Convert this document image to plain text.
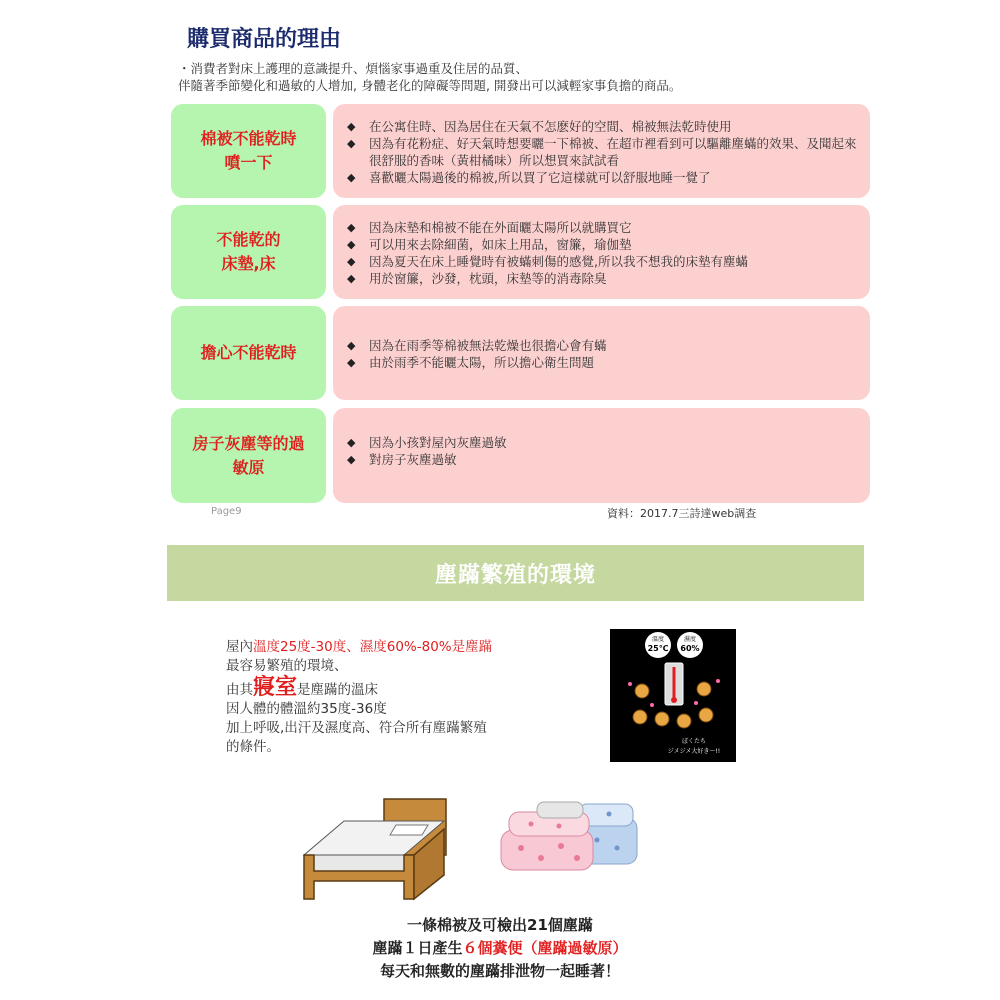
購買商品的理由
・消費者對床上護理的意識提升、煩惱家事過重及住居的品質、
伴隨著季節變化和過敏的人增加, 身體老化的障礙等問題, 開發出可以減輕家事負擔的商品。
棉被不能乾時
噴一下
◆	在公寓住時、因為居住在天氣不怎麽好的空間、棉被無法乾時使用
◆	因為有花粉症、好天氣時想要曬一下棉被、在超市裡看到可以驅離塵蟎的效果、及聞起來很舒服的香味（黃柑橘味）所以想買來試試看
◆	喜歡曬太陽過後的棉被,所以買了它這樣就可以舒服地睡一覺了
不能乾的
床墊,床
◆	因為床墊和棉被不能在外面曬太陽所以就購買它
◆	可以用來去除細菌，如床上用品，窗簾，瑜伽墊
◆	因為夏天在床上睡覺時有被蟎刺傷的感覺,所以我不想我的床墊有塵蟎
◆	用於窗簾，沙發，枕頭，床墊等的消毒除臭
擔心不能乾時	◆	因為在雨季等棉被無法乾燥也很擔心會有蟎
◆	由於雨季不能曬太陽，所以擔心衛生問題
房子灰塵等的過
敏原
◆	因為小孩對屋內灰塵過敏
◆	對房子灰塵過敏
Page9	資料：2017.7三詩達web調查
塵蹣繁殖的環境
屋內溫度25度-30度、濕度60%-80%是塵蹣
最容易繁殖的環境、
由其寢室是塵蹣的溫床
因人體的體溫約35度-36度
加上呼吸,出汗及濕度高、符合所有塵蹣繁殖
的條件。
溫度
25℃
濕度
60%
ぼくたち
ジメジメ大好き～!!
一條棉被及可檢出21個塵蹣
塵蹣１日產生６個糞便（塵蹣過敏原）
每天和無數的塵蹣排泄物一起睡著！
